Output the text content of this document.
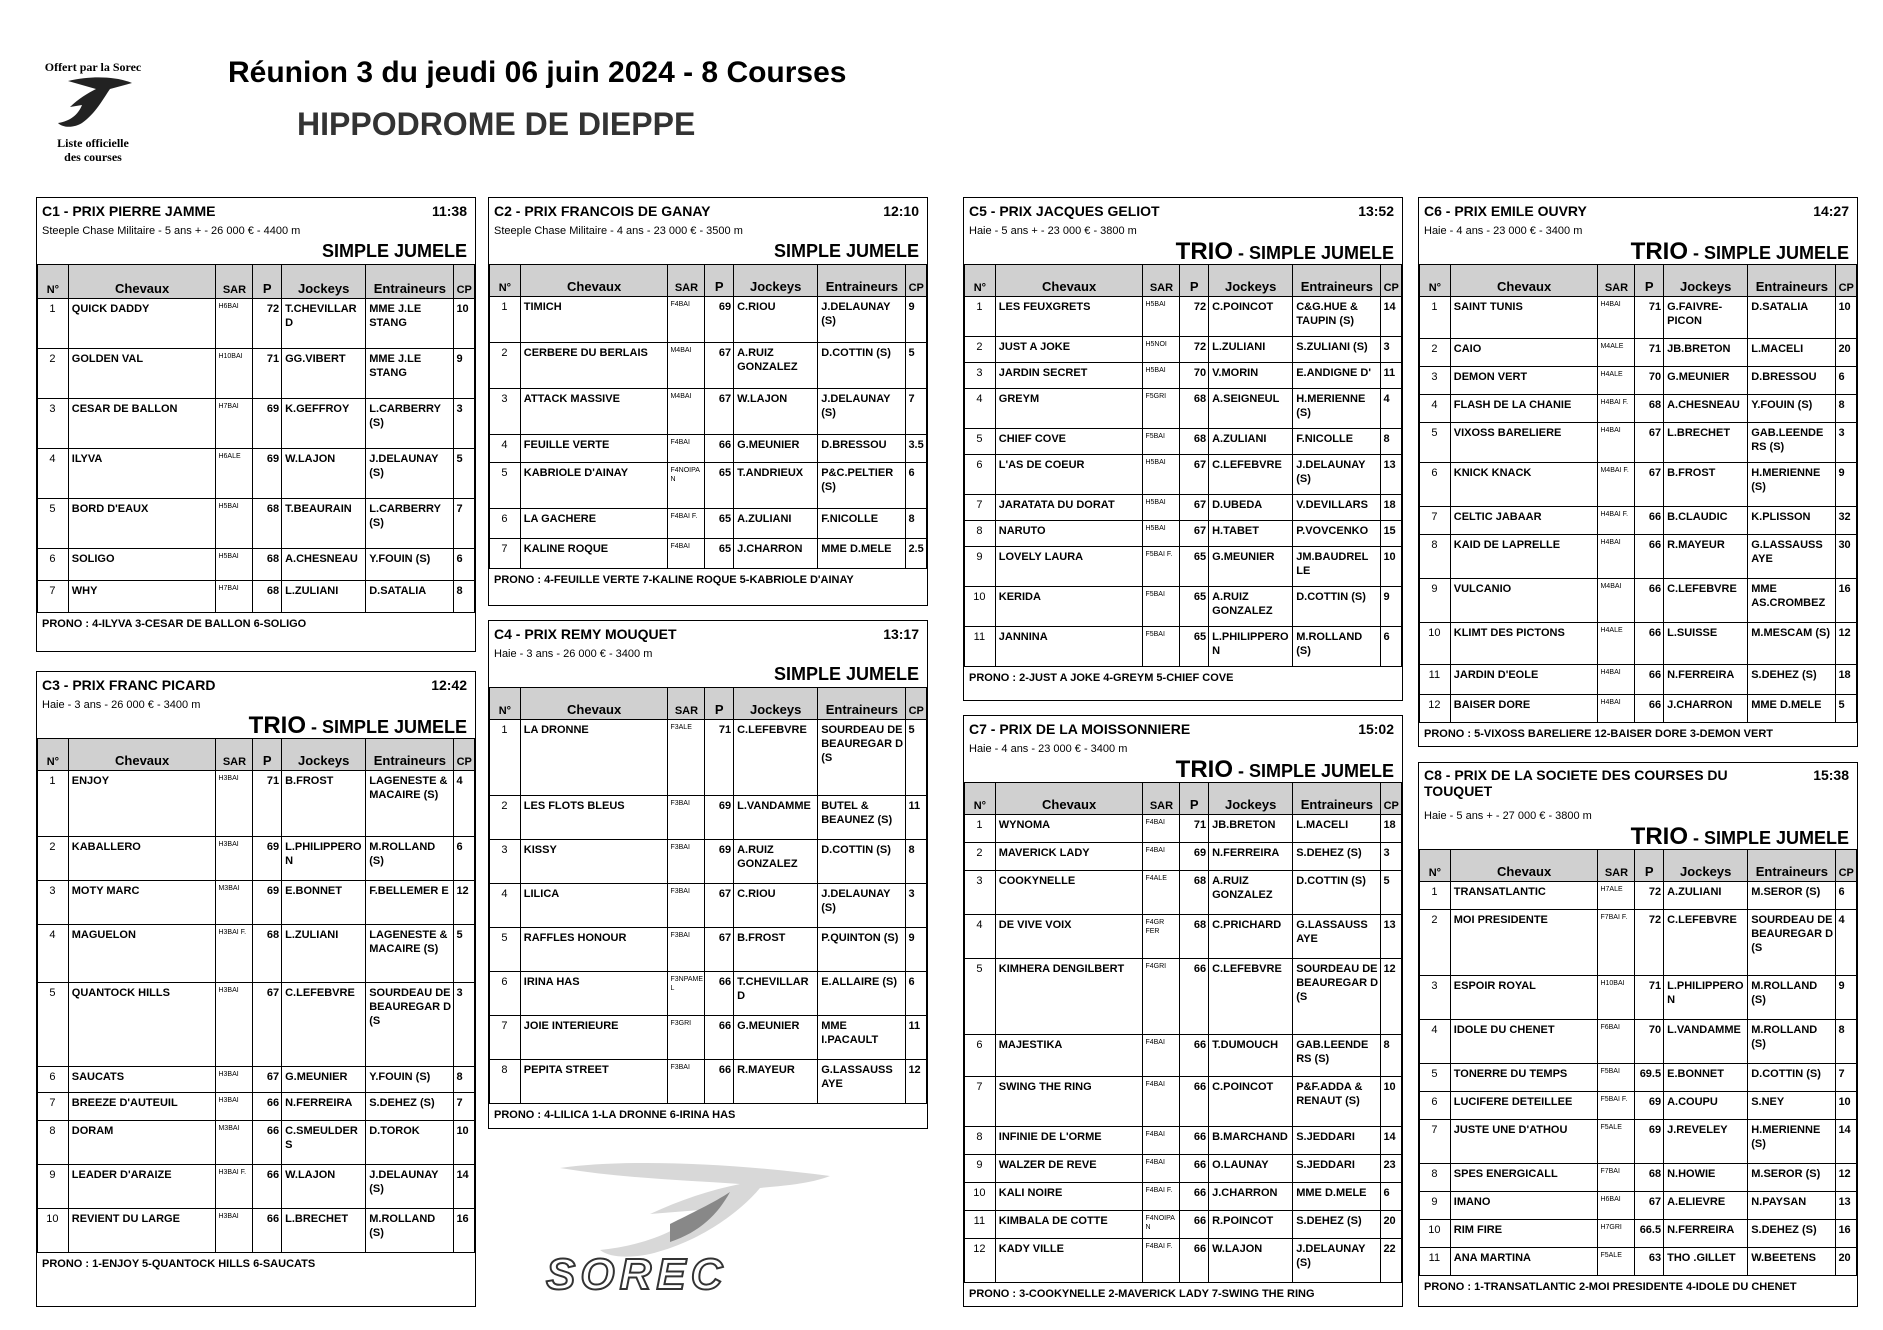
Offert par la Sorec
Liste officielle
des courses
Réunion 3 du jeudi 06 juin 2024 - 8 Courses
HIPPODROME DE DIEPPE
C1 - PRIX PIERRE JAMME	11:38
Steeple Chase Militaire - 5 ans + - 26 000 € - 4400 m
SIMPLE JUMELE
N°	Chevaux	SAR	P	Jockeys	Entraineurs	CP
1	QUICK DADDY	H6BAI	72	T.CHEVILLAR D	MME J.LE STANG	10
2	GOLDEN VAL	H10BAI	71	GG.VIBERT	MME J.LE STANG	9
3	CESAR DE BALLON	H7BAI	69	K.GEFFROY	L.CARBERRY (S)	3
4	ILYVA	H6ALE	69	W.LAJON	J.DELAUNAY (S)	5
5	BORD D'EAUX	H5BAI	68	T.BEAURAIN	L.CARBERRY (S)	7
6	SOLIGO	H5BAI	68	A.CHESNEAU	Y.FOUIN (S)	6
7	WHY	H7BAI	68	L.ZULIANI	D.SATALIA	8
PRONO : 4-ILYVA 3-CESAR DE BALLON 6-SOLIGO
C2 - PRIX FRANCOIS DE GANAY	12:10
Steeple Chase Militaire - 4 ans - 23 000 € - 3500 m
SIMPLE JUMELE
N°	Chevaux	SAR	P	Jockeys	Entraineurs	CP
1	TIMICH	F4BAI	69	C.RIOU	J.DELAUNAY (S)	9
2	CERBERE DU BERLAIS	M4BAI	67	A.RUIZ GONZALEZ	D.COTTIN (S)	5
3	ATTACK MASSIVE	M4BAI	67	W.LAJON	J.DELAUNAY (S)	7
4	FEUILLE VERTE	F4BAI	66	G.MEUNIER	D.BRESSOU	3.5
5	KABRIOLE D'AINAY	F4NOIPA N	65	T.ANDRIEUX	P&C.PELTIER (S)	6
6	LA GACHERE	F4BAI F.	65	A.ZULIANI	F.NICOLLE	8
7	KALINE ROQUE	F4BAI	65	J.CHARRON	MME D.MELE	2.5
PRONO : 4-FEUILLE VERTE 7-KALINE ROQUE 5-KABRIOLE D'AINAY
C3 - PRIX FRANC PICARD	12:42
Haie - 3 ans - 26 000 € - 3400 m
TRIO - SIMPLE JUMELE
N°	Chevaux	SAR	P	Jockeys	Entraineurs	CP
1	ENJOY	H3BAI	71	B.FROST	LAGENESTE & MACAIRE (S)	4
2	KABALLERO	H3BAI	69	L.PHILIPPERO N	M.ROLLAND (S)	6
3	MOTY MARC	M3BAI	69	E.BONNET	F.BELLEMER E	12
4	MAGUELON	H3BAI F.	68	L.ZULIANI	LAGENESTE & MACAIRE (S)	5
5	QUANTOCK HILLS	H3BAI	67	C.LEFEBVRE	SOURDEAU DE BEAUREGAR D (S	3
6	SAUCATS	H3BAI	67	G.MEUNIER	Y.FOUIN (S)	8
7	BREEZE D'AUTEUIL	H3BAI	66	N.FERREIRA	S.DEHEZ (S)	7
8	DORAM	M3BAI	66	C.SMEULDER S	D.TOROK	10
9	LEADER D'ARAIZE	H3BAI F.	66	W.LAJON	J.DELAUNAY (S)	14
10	REVIENT DU LARGE	H3BAI	66	L.BRECHET	M.ROLLAND (S)	16
PRONO : 1-ENJOY 5-QUANTOCK HILLS 6-SAUCATS
C4 - PRIX REMY MOUQUET	13:17
Haie - 3 ans - 26 000 € - 3400 m
SIMPLE JUMELE
N°	Chevaux	SAR	P	Jockeys	Entraineurs	CP
1	LA DRONNE	F3ALE	71	C.LEFEBVRE	SOURDEAU DE BEAUREGAR D (S	5
2	LES FLOTS BLEUS	F3BAI	69	L.VANDAMME	BUTEL & BEAUNEZ (S)	11
3	KISSY	F3BAI	69	A.RUIZ GONZALEZ	D.COTTIN (S)	8
4	LILICA	F3BAI	67	C.RIOU	J.DELAUNAY (S)	3
5	RAFFLES HONOUR	F3BAI	67	B.FROST	P.QUINTON (S)	9
6	IRINA HAS	F3NPAME L	66	T.CHEVILLAR D	E.ALLAIRE (S)	6
7	JOIE INTERIEURE	F3GRI	66	G.MEUNIER	MME I.PACAULT	11
8	PEPITA STREET	F3BAI	66	R.MAYEUR	G.LASSAUSS AYE	12
PRONO : 4-LILICA 1-LA DRONNE 6-IRINA HAS
C5 - PRIX JACQUES GELIOT	13:52
Haie - 5 ans + - 23 000 € - 3800 m
TRIO - SIMPLE JUMELE
N°	Chevaux	SAR	P	Jockeys	Entraineurs	CP
1	LES FEUXGRETS	H5BAI	72	C.POINCOT	C&G.HUE & TAUPIN (S)	14
2	JUST A JOKE	H5NOI	72	L.ZULIANI	S.ZULIANI (S)	3
3	JARDIN SECRET	H5BAI	70	V.MORIN	E.ANDIGNE D'	11
4	GREYM	F5GRI	68	A.SEIGNEUL	H.MERIENNE (S)	4
5	CHIEF COVE	F5BAI	68	A.ZULIANI	F.NICOLLE	8
6	L'AS DE COEUR	H5BAI	67	C.LEFEBVRE	J.DELAUNAY (S)	13
7	JARATATA DU DORAT	H5BAI	67	D.UBEDA	V.DEVILLARS	18
8	NARUTO	H5BAI	67	H.TABET	P.VOVCENKO	15
9	LOVELY LAURA	F5BAI F.	65	G.MEUNIER	JM.BAUDREL LE	10
10	KERIDA	F5BAI	65	A.RUIZ GONZALEZ	D.COTTIN (S)	9
11	JANNINA	F5BAI	65	L.PHILIPPERO N	M.ROLLAND (S)	6
PRONO : 2-JUST A JOKE 4-GREYM 5-CHIEF COVE
C6 - PRIX EMILE OUVRY	14:27
Haie - 4 ans - 23 000 € - 3400 m
TRIO - SIMPLE JUMELE
N°	Chevaux	SAR	P	Jockeys	Entraineurs	CP
1	SAINT TUNIS	H4BAI	71	G.FAIVRE-PICON	D.SATALIA	10
2	CAIO	M4ALE	71	JB.BRETON	L.MACELI	20
3	DEMON VERT	H4ALE	70	G.MEUNIER	D.BRESSOU	6
4	FLASH DE LA CHANIE	H4BAI F.	68	A.CHESNEAU	Y.FOUIN (S)	8
5	VIXOSS BARELIERE	H4BAI	67	L.BRECHET	GAB.LEENDE RS (S)	3
6	KNICK KNACK	M4BAI F.	67	B.FROST	H.MERIENNE (S)	9
7	CELTIC JABAAR	H4BAI F.	66	B.CLAUDIC	K.PLISSON	32
8	KAID DE LAPRELLE	H4BAI	66	R.MAYEUR	G.LASSAUSS AYE	30
9	VULCANIO	M4BAI	66	C.LEFEBVRE	MME AS.CROMBEZ	16
10	KLIMT DES PICTONS	H4ALE	66	L.SUISSE	M.MESCAM (S)	12
11	JARDIN D'EOLE	H4BAI	66	N.FERREIRA	S.DEHEZ (S)	18
12	BAISER DORE	H4BAI	66	J.CHARRON	MME D.MELE	5
PRONO : 5-VIXOSS BARELIERE 12-BAISER DORE 3-DEMON VERT
C7 - PRIX DE LA MOISSONNIERE	15:02
Haie - 4 ans - 23 000 € - 3400 m
TRIO - SIMPLE JUMELE
N°	Chevaux	SAR	P	Jockeys	Entraineurs	CP
1	WYNOMA	F4BAI	71	JB.BRETON	L.MACELI	18
2	MAVERICK LADY	F4BAI	69	N.FERREIRA	S.DEHEZ (S)	3
3	COOKYNELLE	F4ALE	68	A.RUIZ GONZALEZ	D.COTTIN (S)	5
4	DE VIVE VOIX	F4GR FER	68	C.PRICHARD	G.LASSAUSS AYE	13
5	KIMHERA DENGILBERT	F4GRI	66	C.LEFEBVRE	SOURDEAU DE BEAUREGAR D (S	12
6	MAJESTIKA	F4BAI	66	T.DUMOUCH	GAB.LEENDE RS (S)	8
7	SWING THE RING	F4BAI	66	C.POINCOT	P&F.ADDA & RENAUT (S)	10
8	INFINIE DE L'ORME	F4BAI	66	B.MARCHAND	S.JEDDARI	14
9	WALZER DE REVE	F4BAI	66	O.LAUNAY	S.JEDDARI	23
10	KALI NOIRE	F4BAI F.	66	J.CHARRON	MME D.MELE	6
11	KIMBALA DE COTTE	F4NOIPA N	66	R.POINCOT	S.DEHEZ (S)	20
12	KADY VILLE	F4BAI F.	66	W.LAJON	J.DELAUNAY (S)	22
PRONO : 3-COOKYNELLE 2-MAVERICK LADY 7-SWING THE RING
C8 - PRIX DE LA SOCIETE DES COURSES DU TOUQUET
15:38
Haie - 5 ans + - 27 000 € - 3800 m
TRIO - SIMPLE JUMELE
N°	Chevaux	SAR	P	Jockeys	Entraineurs	CP
1	TRANSATLANTIC	H7ALE	72	A.ZULIANI	M.SEROR (S)	6
2	MOI PRESIDENTE	F7BAI F.	72	C.LEFEBVRE	SOURDEAU DE BEAUREGAR D (S	4
3	ESPOIR ROYAL	H10BAI	71	L.PHILIPPERO N	M.ROLLAND (S)	9
4	IDOLE DU CHENET	F6BAI	70	L.VANDAMME	M.ROLLAND (S)	8
5	TONERRE DU TEMPS	F5BAI	69.5	E.BONNET	D.COTTIN (S)	7
6	LUCIFERE DETEILLEE	F5BAI F.	69	A.COUPU	S.NEY	10
7	JUSTE UNE D'ATHOU	F5ALE	69	J.REVELEY	H.MERIENNE (S)	14
8	SPES ENERGICALL	F7BAI	68	N.HOWIE	M.SEROR (S)	12
9	IMANO	H6BAI	67	A.ELIEVRE	N.PAYSAN	13
10	RIM FIRE	H7GRI	66.5	N.FERREIRA	S.DEHEZ (S)	16
11	ANA MARTINA	F5ALE	63	THO .GILLET	W.BEETENS	20
PRONO : 1-TRANSATLANTIC 2-MOI PRESIDENTE 4-IDOLE DU CHENET
SOREC
